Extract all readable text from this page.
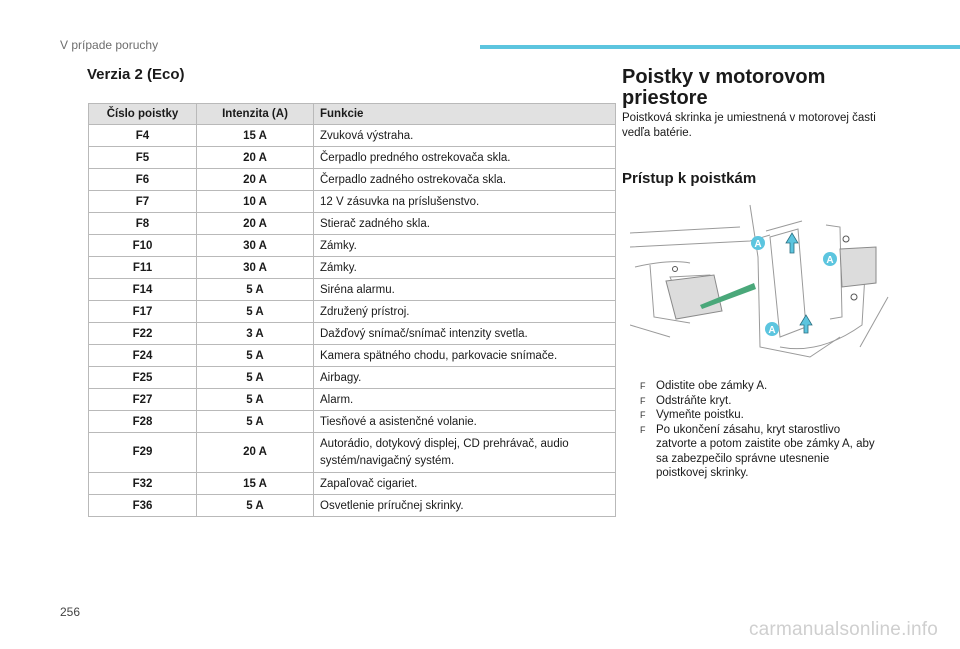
V prípade poruchy
Verzia 2 (Eco)
Číslo poistky	Intenzita (A)	Funkcie
F4	15 A	Zvuková výstraha.
F5	20 A	Čerpadlo predného ostrekovača skla.
F6	20 A	Čerpadlo zadného ostrekovača skla.
F7	10 A	12 V zásuvka na príslušenstvo.
F8	20 A	Stierač zadného skla.
F10	30 A	Zámky.
F11	30 A	Zámky.
F14	5 A	Siréna alarmu.
F17	5 A	Združený prístroj.
F22	3 A	Dažďový snímač/snímač intenzity svetla.
F24	5 A	Kamera spätného chodu, parkovacie snímače.
F25	5 A	Airbagy.
F27	5 A	Alarm.
F28	5 A	Tiesňové a asistenčné volanie.
F29	20 A	Autorádio, dotykový displej, CD prehrávač, audio systém/navigačný systém.
F32	15 A	Zapaľovač cigariet.
F36	5 A	Osvetlenie príručnej skrinky.
Poistky v motorovom priestore
Poistková skrinka je umiestnená v motorovej časti vedľa batérie.
Prístup k poistkám
A
A
A
F Odistite obe zámky A.
F Odstráňte kryt.
F Vymeňte poistku.
F Po ukončení zásahu, kryt starostlivo zatvorte a potom zaistite obe zámky A, aby sa zabezpečilo správne utesnenie poistkovej skrinky.
256
carmanualsonline.info
